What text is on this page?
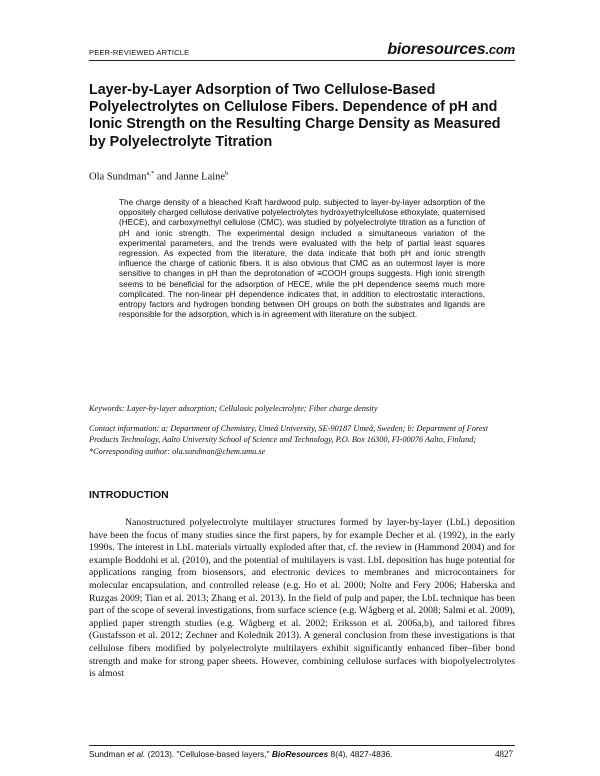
PEER-REVIEWED ARTICLE	bioresources.com
Layer-by-Layer Adsorption of Two Cellulose-Based Polyelectrolytes on Cellulose Fibers. Dependence of pH and Ionic Strength on the Resulting Charge Density as Measured by Polyelectrolyte Titration
Ola Sundman$^{a,*}$ and Janne Laine$^b$

The charge density of a bleached Kraft hardwood pulp, subjected to layer-by-layer adsorption of the oppositely charged cellulose derivative polyelectrolytes hydroxyethylcellulose ethoxylate, quaternised (HECE), and carboxymethyl cellulose (CMC), was studied by polyelectrolyte titration as a function of pH and ionic strength. The experimental design included a simultaneous variation of the experimental parameters, and the trends were evaluated with the help of partial least squares regression. As expected from the literature, the data indicate that both pH and ionic strength influence the charge of cationic fibers. It is also obvious that CMC as an outermost layer is more sensitive to changes in pH than the deprotonation of ≡COOH groups suggests. High ionic strength seems to be beneficial for the adsorption of HECE, while the pH dependence seems much more complicated. The non-linear pH dependence indicates that, in addition to electrostatic interactions, entropy factors and hydrogen bonding between OH groups on both the substrates and ligands are responsible for the adsorption, which is in agreement with literature on the subject.

Keywords: Layer-by-layer adsorption; Cellulosic polyelectrolyte; Fiber charge density

Contact information: a: Department of Chemistry, Umeå University, SE-90187 Umeå, Sweden; b: Department of Forest Products Technology, Aalto University School of Science and Technology, P.O. Box 16300, FI-00076 Aalto, Finland; *Corresponding author: ola.sundman@chem.umu.se

INTRODUCTION

Nanostructured polyelectrolyte multilayer structures formed by layer-by-layer (LbL) deposition have been the focus of many studies since the first papers, by for example Decher et al. (1992), in the early 1990s. The interest in LbL materials virtually exploded after that, cf. the review in (Hammond 2004) and for example Boddohi et al. (2010), and the potential of multilayers is vast. LbL deposition has huge potential for applications ranging from biosensors, and electronic devices to membranes and microcontainers for molecular encapsulation, and controlled release (e.g. Ho et al. 2000; Nolte and Fery 2006; Haberska and Ruzgas 2009; Tian et al. 2013; Zhang et al. 2013). In the field of pulp and paper, the LbL technique has been part of the scope of several investigations, from surface science (e.g. Wågberg et al. 2008; Salmi et al. 2009), applied paper strength studies (e.g. Wågberg et al. 2002; Eriksson et al. 2006a,b), and tailored fibres (Gustafsson et al. 2012; Zechner and Kolednik 2013). A general conclusion from these investigations is that cellulose fibers modified by polyelectrolyte multilayers exhibit significantly enhanced fiber–fiber bond strength and make for strong paper sheets. However, combining cellulose surfaces with biopolyelectrolytes is almost

Sundman et al. (2013). "Cellulose-based layers," BioResources 8(4), 4827-4836.	4827
